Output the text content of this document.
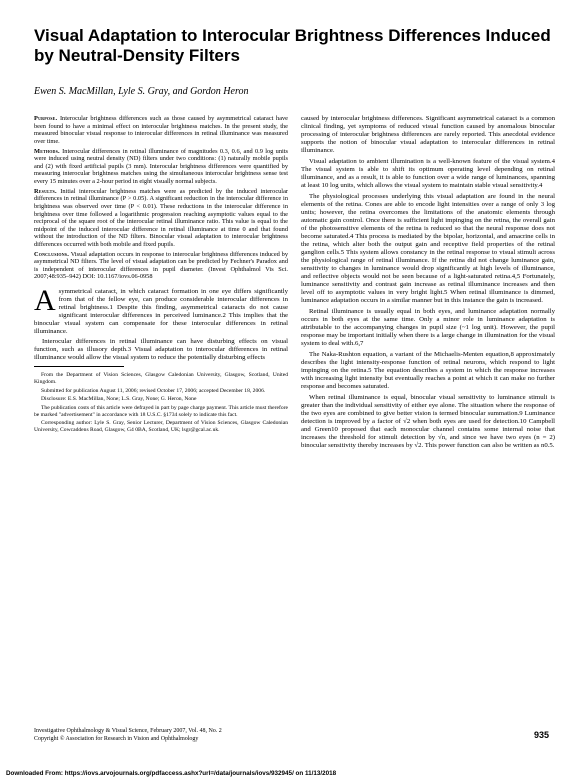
Visual Adaptation to Interocular Brightness Differences Induced by Neutral-Density Filters
Ewen S. MacMillan, Lyle S. Gray, and Gordon Heron

Purpose. Interocular brightness differences such as those caused by asymmetrical cataract have been found to have a minimal effect on interocular brightness matches. In the present study, the measured binocular visual response to interocular differences in retinal illuminance was measured over time.

Methods. Interocular differences in retinal illuminance of magnitudes 0.3, 0.6, and 0.9 log units were induced using neutral density (ND) filters under two conditions: (1) naturally mobile pupils and (2) with fixed artificial pupils (3 mm). Interocular brightness differences were quantified by measuring interocular brightness matches using the simultaneous interocular brightness sense test every 15 minutes over a 2-hour period in eight visually normal subjects.

Results. Initial interocular brightness matches were as predicted by the induced interocular differences in retinal illuminance (P > 0.05). A significant reduction in the interocular difference in brightness was observed over time (P < 0.01). These reductions in the interocular difference in brightness over time followed a logarithmic progression reaching asymptotic values equal to the reciprocal of the square root of the interocular retinal illuminance ratio. This value is equal to the midpoint of the induced interocular difference in retinal illuminance at time 0 and that found without the introduction of the ND filters. Binocular visual adaptation to interocular brightness differences occurred with both mobile and fixed pupils.

Conclusions. Visual adaptation occurs in response to interocular brightness differences induced by asymmetrical ND filters. The level of visual adaptation can be predicted by Fechner's Paradox and is independent of interocular differences in pupil diameter. (Invest Ophthalmol Vis Sci. 2007;48:935–942) DOI: 10.1167/iovs.06-0958

Asymmetrical cataract, in which cataract formation in one eye differs significantly from that of the fellow eye, can produce considerable interocular differences in retinal brightness.1 Despite this finding, asymmetrical cataracts do not cause significant interocular differences in perceived luminance.2 This implies that the binocular visual system can compensate for these interocular differences in retinal illuminance.

Interocular differences in retinal illuminance can have disturbing effects on visual function, such as illusory depth.3 Visual adaptation to interocular differences in retinal illuminance would allow the visual system to reduce the potentially disturbing effects

From the Department of Vision Sciences, Glasgow Caledonian University, Glasgow, Scotland, United Kingdom.

Submitted for publication August 11, 2006; revised October 17, 2006; accepted December 18, 2006.

Disclosure: E.S. MacMillan, None; L.S. Gray, None; G. Heron, None

The publication costs of this article were defrayed in part by page charge payment. This article must therefore be marked "advertisement" in accordance with 18 U.S.C. §1734 solely to indicate this fact.

Corresponding author: Lyle S. Gray, Senior Lecturer, Department of Vision Sciences, Glasgow Caledonian University, Cowcaddens Road, Glasgow, G4 0BA, Scotland, UK; lsgr@gcal.ac.uk.

caused by interocular brightness differences. Significant asymmetrical cataract is a common clinical finding, yet symptoms of reduced visual function caused by anomalous binocular processing of interocular brightness differences are rarely reported. This anecdotal evidence supports the notion of binocular visual adaptation to interocular differences in retinal illuminance.

Visual adaptation to ambient illumination is a well-known feature of the visual system.4 The visual system is able to shift its optimum operating level depending on retinal illuminance, and as a result, it is able to function over a wide range of luminances, spanning at least 10 log units, which allows the visual system to maintain stable visual sensitivity.4

The physiological processes underlying this visual adaptation are found in the neural elements of the retina. Cones are able to encode light intensities over a range of only 3 log units; however, the retina overcomes the limitations of the anatomic elements through automatic gain control. Once there is sufficient light impinging on the retina, the overall gain of the photosensitive elements of the retina is reduced so that the neural response does not become saturated.4 This process is mediated by the bipolar, horizontal, and amacrine cells in the retina, which alter both the output gain and receptive field properties of the retinal ganglion cells.5 This system allows constancy in the retinal response to visual stimuli across the physiological range of retinal illuminance. If the retina did not change luminance gain, sensitivity to changes in luminance would drop significantly at high levels of illuminance, and reflective objects would not be seen because of a light-saturated retina.4,5 Fortunately, luminance sensitivity and contrast gain increase as retinal illuminance increases and then level off to asymptotic values in very bright light.5 When retinal illuminance is dimmed, luminance adaptation occurs in a similar manner but in this instance the gain is increased.

Retinal illuminance is usually equal in both eyes, and luminance adaptation normally occurs in both eyes at the same time. Only a minor role in luminance adaptation is attributable to the accompanying changes in pupil size (~1 log unit). However, the pupil response may be important initially when there is a large change in illumination for the visual system to deal with.6,7

The Naka-Rushton equation, a variant of the Michaelis-Menten equation,8 approximately describes the light intensity-response function of retinal neurons, which respond to light impinging on the retina.5 The equation describes a system in which the response increases with increasing light intensity but eventually reaches a point at which it can make no further response and becomes saturated.

When retinal illuminance is equal, binocular visual sensitivity to luminance stimuli is greater than the individual sensitivity of either eye alone. The situation where the response of the two eyes are combined to give better vision is termed binocular summation.9 Luminance detection is improved by a factor of √2 when both eyes are used for detection.10 Campbell and Green10 proposed that each monocular channel contains some internal noise that increases the threshold for stimuli detection by √n, and since we have two eyes (n = 2) binocular sensitivity thereby increases by √2. This power function can also be written as n0.5.

Investigative Ophthalmology & Visual Science, February 2007, Vol. 48, No. 2
Copyright © Association for Research in Vision and Ophthalmology	935
Downloaded From: https://iovs.arvojournals.org/pdfaccess.ashx?url=/data/journals/iovs/932945/ on 11/13/2018
